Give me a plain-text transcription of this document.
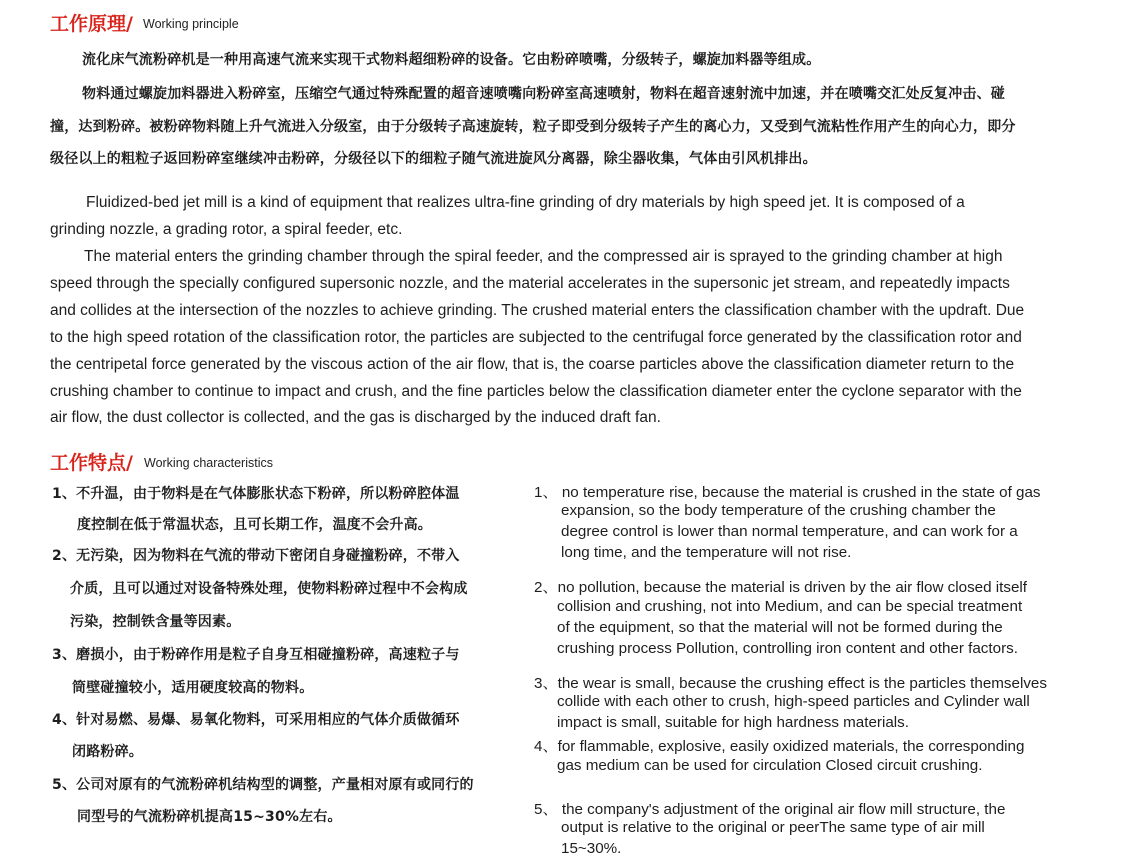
工作原理/ Working principle
流化床气流粉碎机是一种用高速气流来实现干式物料超细粉碎的设备。它由粉碎喷嘴，分级转子，螺旋加料器等组成。
物料通过螺旋加料器进入粉碎室，压缩空气通过特殊配置的超音速喷嘴向粉碎室高速喷射，物料在超音速射流中加速，并在喷嘴交汇处反复冲击、碰
撞，达到粉碎。被粉碎物料随上升气流进入分级室，由于分级转子高速旋转，粒子即受到分级转子产生的离心力，又受到气流粘性作用产生的向心力，即分
级径以上的粗粒子返回粉碎室继续冲击粉碎，分级径以下的细粒子随气流进旋风分离器，除尘器收集，气体由引风机排出。
Fluidized-bed jet mill is a kind of equipment that realizes ultra-fine grinding of dry materials by high speed jet. It is composed of a
grinding nozzle, a grading rotor, a spiral feeder, etc.
The material enters the grinding chamber through the spiral feeder, and the compressed air is sprayed to the grinding chamber at high
speed through the specially configured supersonic nozzle, and the material accelerates in the supersonic jet stream, and repeatedly impacts
and collides at the intersection of the nozzles to achieve grinding. The crushed material enters the classification chamber with the updraft. Due
to the high speed rotation of the classification rotor, the particles are subjected to the centrifugal force generated by the classification rotor and
the centripetal force generated by the viscous action of the air flow, that is, the coarse particles above the classification diameter return to the
crushing chamber to continue to impact and crush, and the fine particles below the classification diameter enter the cyclone separator with the
air flow, the dust collector is collected, and the gas is discharged by the induced draft fan.
工作特点/ Working characteristics
1、不升温，由于物料是在气体膨胀状态下粉碎，所以粉碎腔体温
度控制在低于常温状态，且可长期工作，温度不会升高。
2、无污染，因为物料在气流的带动下密闭自身碰撞粉碎，不带入
介质，且可以通过对设备特殊处理，使物料粉碎过程中不会构成
污染，控制铁含量等因素。
3、磨损小，由于粉碎作用是粒子自身互相碰撞粉碎，高速粒子与
筒壁碰撞较小，适用硬度较高的物料。
4、针对易燃、易爆、易氧化物料，可采用相应的气体介质做循环
闭路粉碎。
5、公司对原有的气流粉碎机结构型的调整，产量相对原有或同行的
同型号的气流粉碎机提高15~30%左右。
1、 no temperature rise, because the material is crushed in the state of gas
expansion, so the body temperature of the crushing chamber the
degree control is lower than normal temperature, and can work for a
long time, and the temperature will not rise.
2、no pollution, because the material is driven by the air flow closed itself
collision and crushing, not into Medium, and can be special treatment
of the equipment, so that the material will not be formed during the
crushing process Pollution, controlling iron content and other factors.
3、the wear is small, because the crushing effect is the particles themselves
collide with each other to crush, high-speed particles and Cylinder wall
impact is small, suitable for high hardness materials.
4、for flammable, explosive, easily oxidized materials, the corresponding
gas medium can be used for circulation Closed circuit crushing.
5、 the company's adjustment of the original air flow mill structure, the
output is relative to the original or peerThe same type of air mill
15~30%.
